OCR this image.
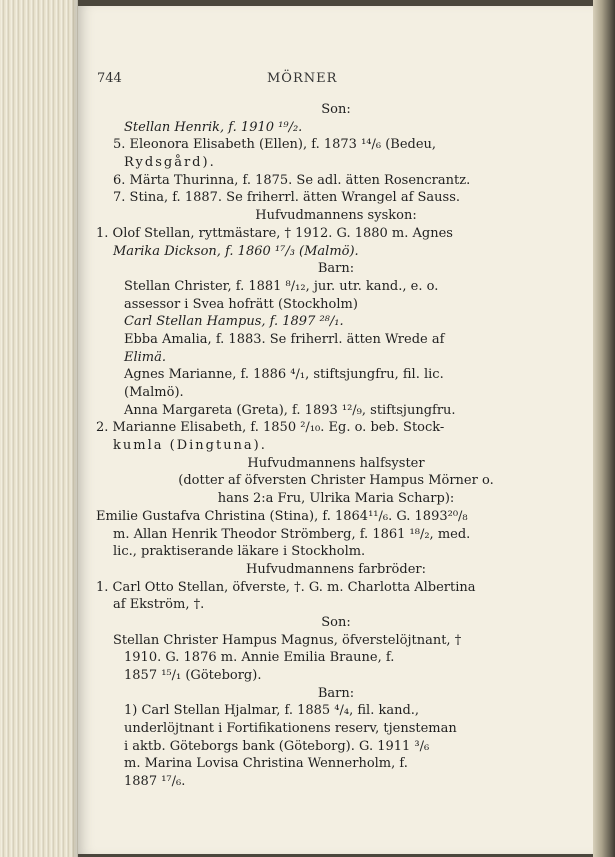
744	MÖRNER
Son:
Stellan Henrik, f. 1910 ¹⁹/₂.
5. Eleonora Elisabeth (Ellen), f. 1873 ¹⁴/₆ (Bedeu,
Rydsgård).
6. Märta Thurinna, f. 1875. Se adl. ätten Rosencrantz.
7. Stina, f. 1887. Se friherrl. ätten Wrangel af Sauss.
Hufvudmannens syskon:
1. Olof Stellan, ryttmästare, † 1912. G. 1880 m. Agnes
Marika Dickson, f. 1860 ¹⁷/₃ (Malmö).
Barn:
Stellan Christer, f. 1881 ⁸/₁₂, jur. utr. kand., e. o.
assessor i Svea hofrätt (Stockholm)
Carl Stellan Hampus, f. 1897 ²⁸/₁.
Ebba Amalia, f. 1883. Se friherrl. ätten Wrede af
Elimä.
Agnes Marianne, f. 1886 ⁴/₁, stiftsjungfru, fil. lic.
(Malmö).
Anna Margareta (Greta), f. 1893 ¹²/₉, stiftsjungfru.
2. Marianne Elisabeth, f. 1850 ²/₁₀. Eg. o. beb. Stock-
kumla (Dingtuna).
Hufvudmannens halfsyster
(dotter af öfversten Christer Hampus Mörner o.
hans 2:a Fru, Ulrika Maria Scharp):
Emilie Gustafva Christina (Stina), f. 1864¹¹/₆. G. 1893²⁰/₈
m. Allan Henrik Theodor Strömberg, f. 1861 ¹⁸/₂, med.
lic., praktiserande läkare i Stockholm.
Hufvudmannens farbröder:
1. Carl Otto Stellan, öfverste, †. G. m. Charlotta Albertina
af Ekström, †.
Son:
Stellan Christer Hampus Magnus, öfverstelöjtnant, †
1910. G. 1876 m. Annie Emilia Braune, f.
1857 ¹⁵/₁ (Göteborg).
Barn:
1) Carl Stellan Hjalmar, f. 1885 ⁴/₄, fil. kand.,
underlöjtnant i Fortifikationens reserv, tjensteman
i aktb. Göteborgs bank (Göteborg). G. 1911 ³/₆
m. Marina Lovisa Christina Wennerholm, f.
1887 ¹⁷/₆.
